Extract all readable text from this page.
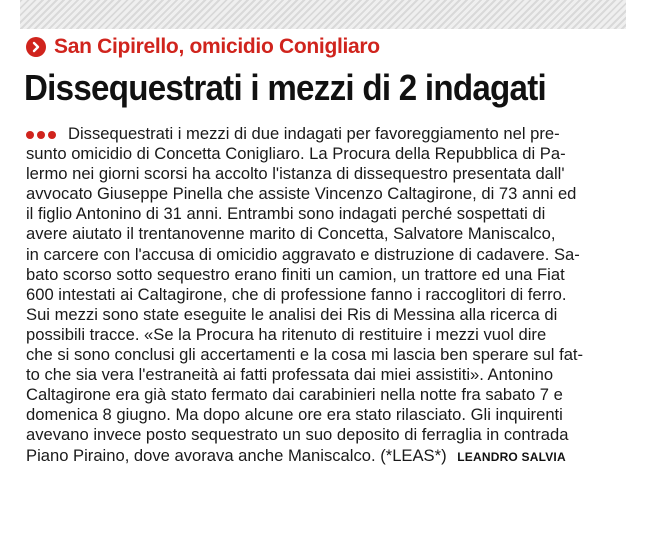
San Cipirello, omicidio Conigliaro
Dissequestrati i mezzi di 2 indagati
Dissequestrati i mezzi di due indagati per favoreggiamento nel pre-
sunto omicidio di Concetta Conigliaro. La Procura della Repubblica di Pa-
lermo nei giorni scorsi ha accolto l'istanza di dissequestro presentata dall'
avvocato Giuseppe Pinella che assiste Vincenzo Caltagirone, di 73 anni ed
il figlio Antonino di 31 anni. Entrambi sono indagati perché sospettati di
avere aiutato il trentanovenne marito di Concetta, Salvatore Maniscalco,
in carcere con l'accusa di omicidio aggravato e distruzione di cadavere. Sa-
bato scorso sotto sequestro erano finiti un camion, un trattore ed una Fiat
600 intestati ai Caltagirone, che di professione fanno i raccoglitori di ferro.
Sui mezzi sono state eseguite le analisi dei Ris di Messina alla ricerca di
possibili tracce. «Se la Procura ha ritenuto di restituire i mezzi vuol dire
che si sono conclusi gli accertamenti e la cosa mi lascia ben sperare sul fat-
to che sia vera l'estraneità ai fatti professata dai miei assistiti». Antonino
Caltagirone era già stato fermato dai carabinieri nella notte fra sabato 7 e
domenica 8 giugno. Ma dopo alcune ore era stato rilasciato. Gli inquirenti
avevano invece posto sequestrato un suo deposito di ferraglia in contrada
Piano Piraino, dove avorava anche Maniscalco. (*LEAS*) LEANDRO SALVIA
